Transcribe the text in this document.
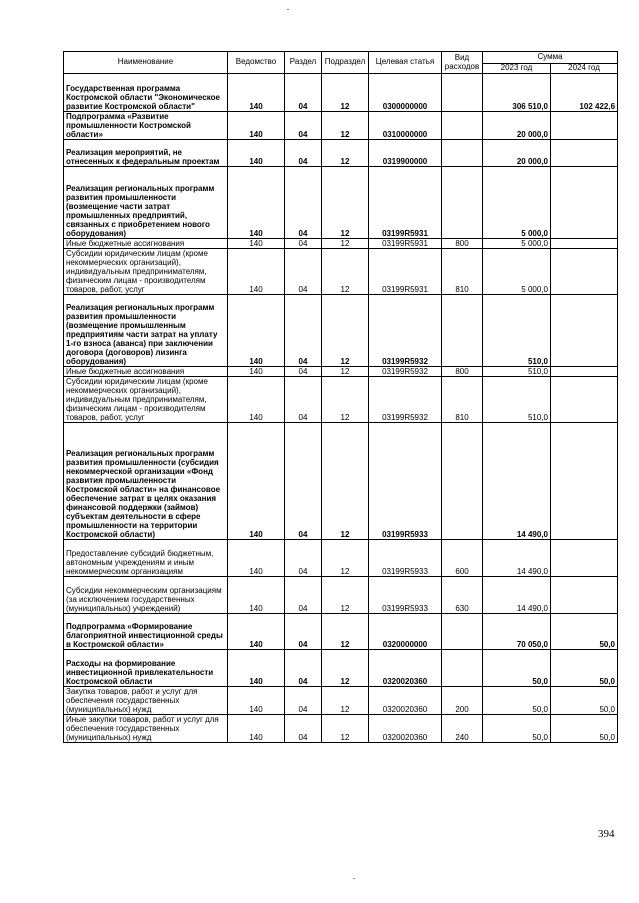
Наименование	Ведомство	Раздел	Подраздел	Целевая статья	Вид расходов	Сумма	
						2023 год	2024 год
Государственная программа Костромской области "Экономическое развитие Костромской области"	140	04	12	0300000000		306 510,0	102 422,6
Подпрограмма «Развитие промышленности Костромской области»	140	04	12	0310000000		20 000,0	
Реализация мероприятий, не отнесенных к федеральным проектам	140	04	12	0319900000		20 000,0	
Реализация региональных программ развития промышленности (возмещение части затрат промышленных предприятий, связанных с приобретением нового оборудования)	140	04	12	03199R5931		5 000,0	
Иные бюджетные ассигнования	140	04	12	03199R5931	800	5 000,0	
Субсидии юридическим лицам (кроме некоммерческих организаций), индивидуальным предпринимателям, физическим лицам - производителям товаров, работ, услуг	140	04	12	03199R5931	810	5 000,0	
Реализация региональных программ развития промышленности (возмещение промышленным предприятиям части затрат на уплату 1-го взноса (аванса) при заключении договора (договоров) лизинга оборудования)	140	04	12	03199R5932		510,0	
Иные бюджетные ассигнования	140	04	12	03199R5932	800	510,0	
Субсидии юридическим лицам (кроме некоммерческих организаций), индивидуальным предпринимателям, физическим лицам - производителям товаров, работ, услуг	140	04	12	03199R5932	810	510,0	
Реализация региональных программ развития промышленности (субсидия некоммерческой организации «Фонд развития промышленности Костромской области» на финансовое обеспечение затрат в целях оказания финансовой поддержки (займов) субъектам деятельности в сфере промышленности на территории Костромской области)	140	04	12	03199R5933		14 490,0	
Предоставление субсидий бюджетным, автономным учреждениям и иным некоммерческим организациям	140	04	12	03199R5933	600	14 490,0	
Субсидии некоммерческим организациям (за исключением государственных (муниципальных) учреждений)	140	04	12	03199R5933	630	14 490,0	
Подпрограмма «Формирование благоприятной инвестиционной среды в Костромской области»	140	04	12	0320000000		70 050,0	50,0
Расходы на формирование инвестиционной привлекательности Костромской области	140	04	12	0320020360		50,0	50,0
Закупка товаров, работ и услуг для обеспечения государственных (муниципальных) нужд	140	04	12	0320020360	200	50,0	50,0
Иные закупки товаров, работ и услуг для обеспечения государственных (муниципальных) нужд	140	04	12	0320020360	240	50,0	50,0
394
